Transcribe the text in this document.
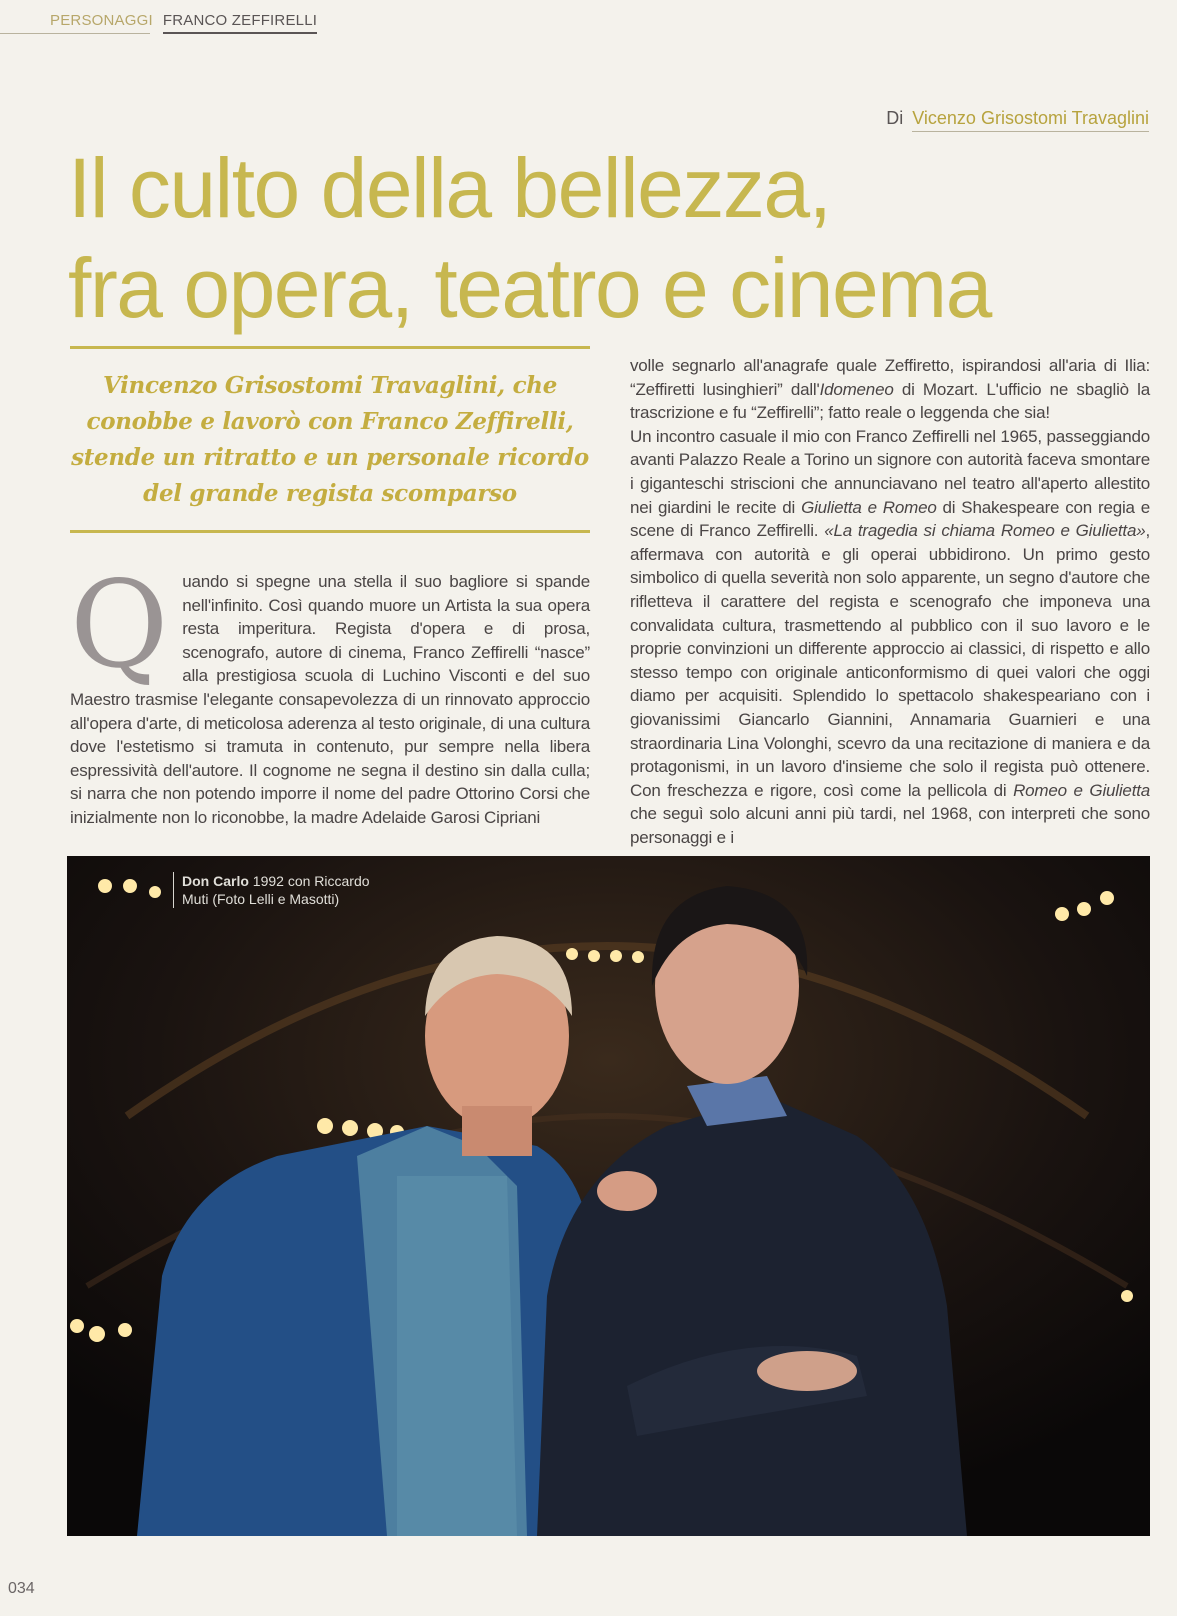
PERSONAGGI FRANCO ZEFFIRELLI
Di Vicenzo Grisostomi Travaglini
Il culto della bellezza,
fra opera, teatro e cinema
Vincenzo Grisostomi Travaglini, che conobbe e lavorò con Franco Zeffirelli, stende un ritratto e un personale ricordo del grande regista scomparso
Q uando si spegne una stella il suo bagliore si spande nell'infinito. Così quando muore un Artista la sua opera resta imperitura. Regista d'opera e di prosa, scenografo, autore di cinema, Franco Zeffirelli “nasce” alla prestigiosa scuola di Luchino Visconti e del suo Maestro trasmise l'elegante consapevolezza di un rinnovato approccio all'opera d'arte, di meticolosa aderenza al testo originale, di una cultura dove l'estetismo si tramuta in contenuto, pur sempre nella libera espressività dell'autore. Il cognome ne segna il destino sin dalla culla; si narra che non potendo imporre il nome del padre Ottorino Corsi che inizialmente non lo riconobbe, la madre Adelaide Garosi Cipriani

volle segnarlo all'anagrafe quale Zeffiretto, ispirandosi all'aria di Ilia: “Zeffiretti lusinghieri” dall'Idomeneo di Mozart. L'ufficio ne sbagliò la trascrizione e fu “Zeffirelli”; fatto reale o leggenda che sia!

Un incontro casuale il mio con Franco Zeffirelli nel 1965, passeggiando avanti Palazzo Reale a Torino un signore con autorità faceva smontare i giganteschi striscioni che annunciavano nel teatro all'aperto allestito nei giardini le recite di Giulietta e Romeo di Shakespeare con regia e scene di Franco Zeffirelli. «La tragedia si chiama Romeo e Giulietta», affermava con autorità e gli operai ubbidirono. Un primo gesto simbolico di quella severità non solo apparente, un segno d'autore che rifletteva il carattere del regista e scenografo che imponeva una convalidata cultura, trasmettendo al pubblico con il suo lavoro e le proprie convinzioni un differente approccio ai classici, di rispetto e allo stesso tempo con originale anticonformismo di quei valori che oggi diamo per acquisiti. Splendido lo spettacolo shakespeariano con i giovanissimi Giancarlo Giannini, Annamaria Guarnieri e una straordinaria Lina Volonghi, scevro da una recitazione di maniera e da protagonismi, in un lavoro d'insieme che solo il regista può ottenere. Con freschezza e rigore, così come la pellicola di Romeo e Giulietta che seguì solo alcuni anni più tardi, nel 1968, con interpreti che sono personaggi e i

Don Carlo 1992 con Riccardo
Muti (Foto Lelli e Masotti)
034
